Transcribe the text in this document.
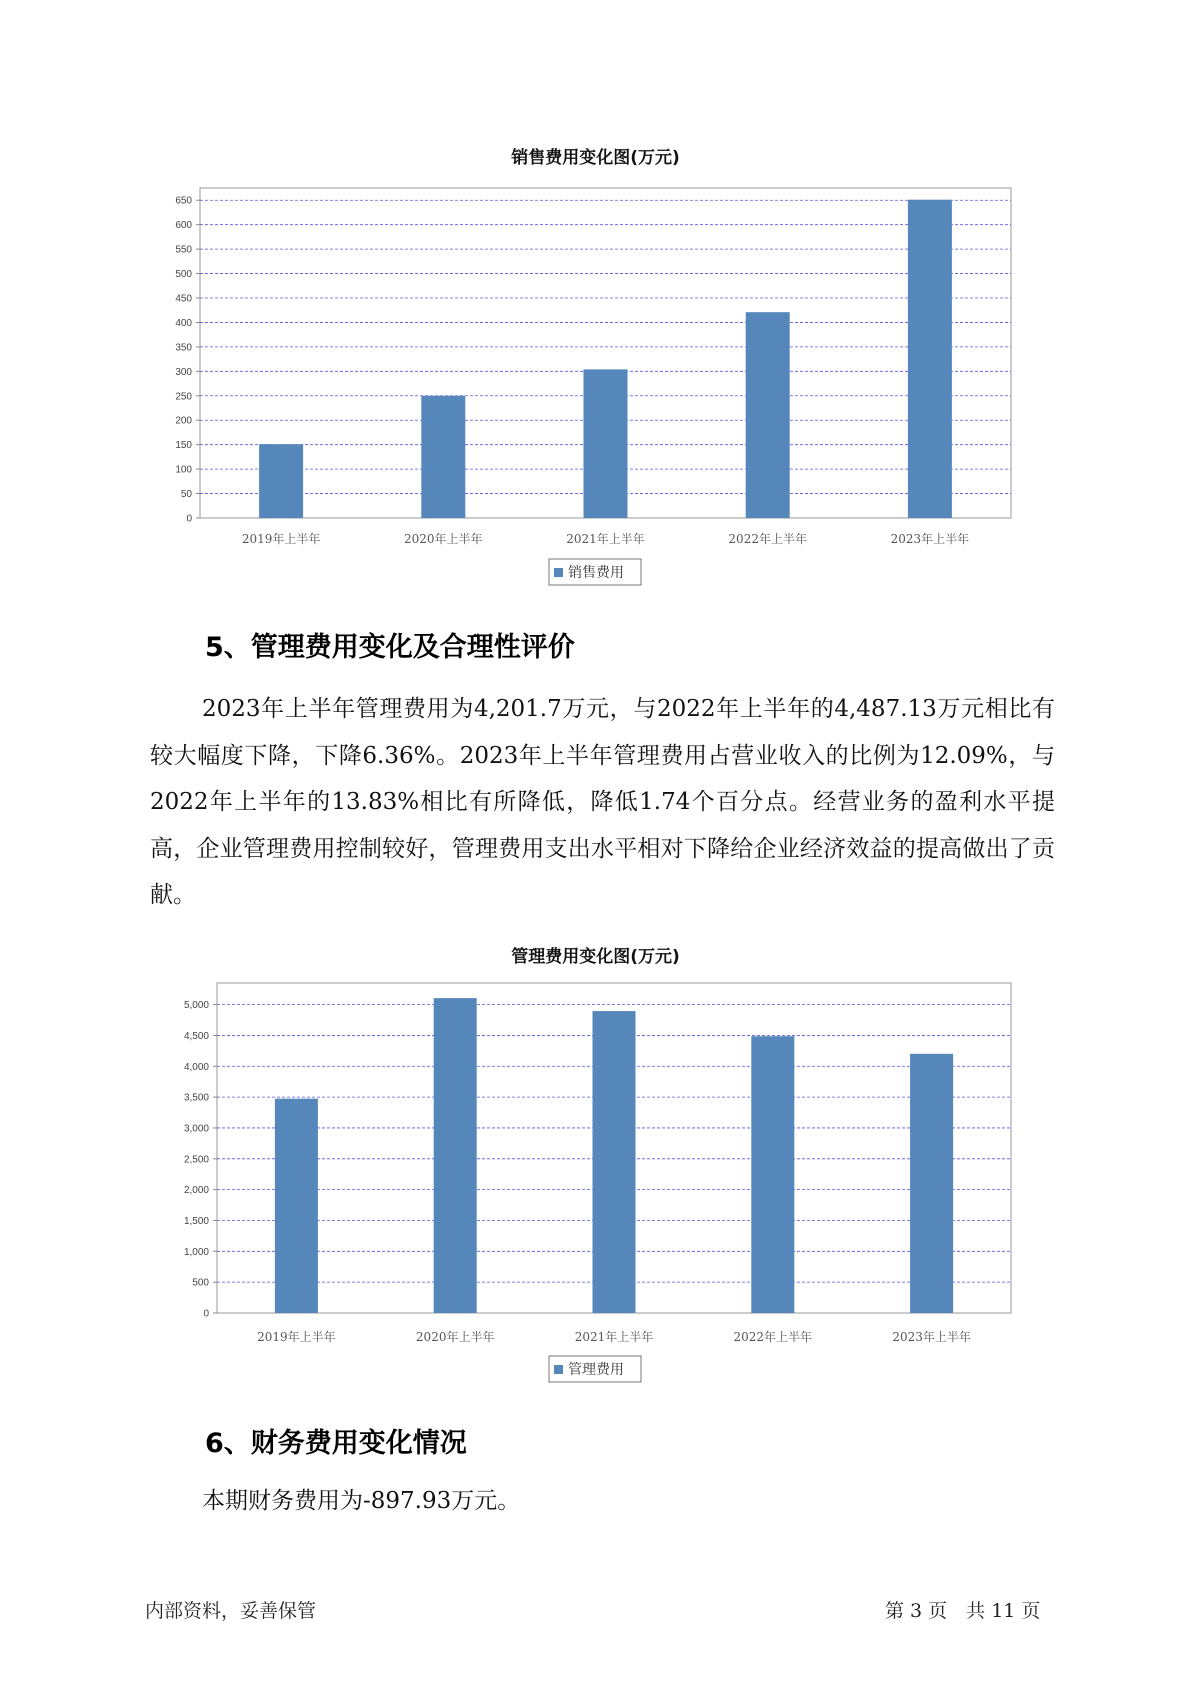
销售费用变化图(万元)
0
50
100
150
200
250
300
350
400
450
500
550
600
650
2019年上半年	2020年上半年	2021年上半年	2022年上半年	2023年上半年
销售费用
5、管理费用变化及合理性评价

2023年上半年管理费用为4,201.7万元，与2022年上半年的4,487.13万元相比有较大幅度下降，下降6.36%。2023年上半年管理费用占营业收入的比例为12.09%，与2022年上半年的13.83%相比有所降低，降低1.74个百分点。经营业务的盈利水平提高，企业管理费用控制较好，管理费用支出水平相对下降给企业经济效益的提高做出了贡献。

管理费用变化图(万元)
0
500
1,000
1,500
2,000
2,500
3,000
3,500
4,000
4,500
5,000
2019年上半年	2020年上半年	2021年上半年	2022年上半年	2023年上半年
管理费用
6、财务费用变化情况

本期财务费用为-897.93万元。

内部资料，妥善保管	第 3 页　共 11 页
